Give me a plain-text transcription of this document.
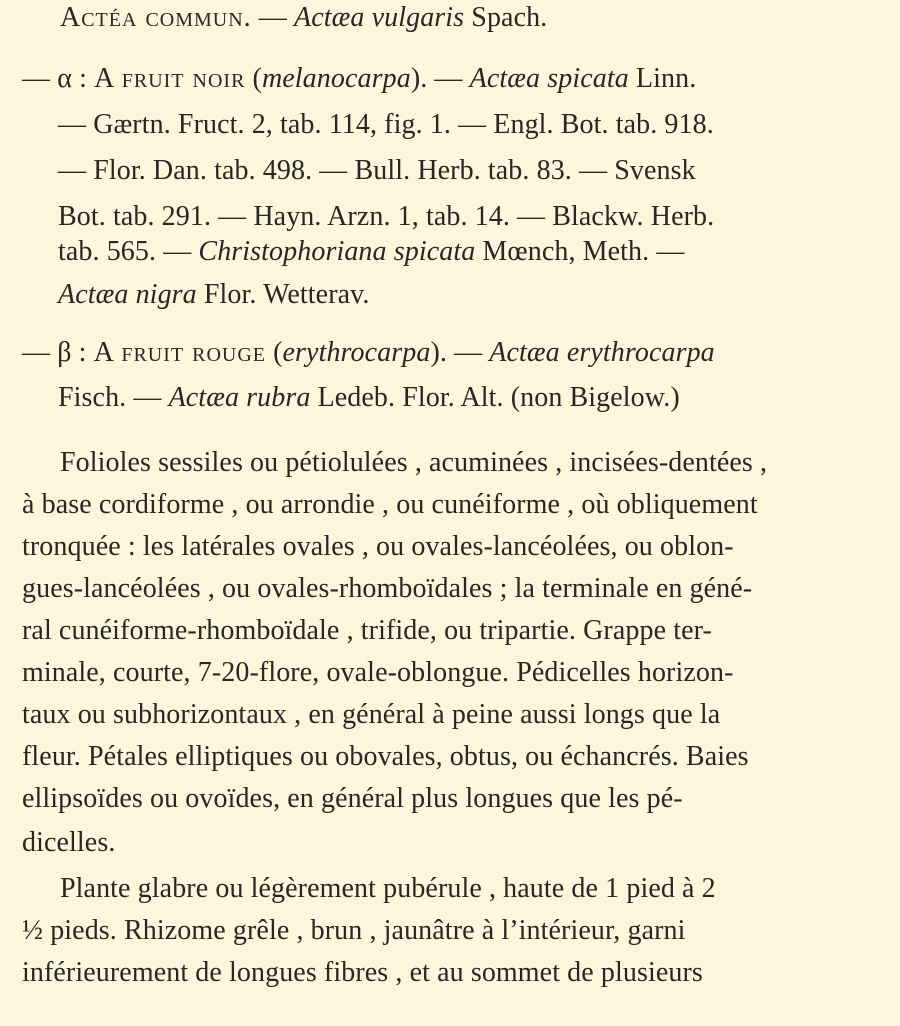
Actéa commun. — Actæa vulgaris Spach.
— α : A fruit noir (melanocarpa). — Actæa spicata Linn.
— Gærtn. Fruct. 2, tab. 114, fig. 1. — Engl. Bot. tab. 918.
— Flor. Dan. tab. 498. — Bull. Herb. tab. 83. — Svensk
Bot. tab. 291. — Hayn. Arzn. 1, tab. 14. — Blackw. Herb.
tab. 565. — Christophoriana spicata Mœnch, Meth. —
Actæa nigra Flor. Wetterav.
— β : A fruit rouge (erythrocarpa). — Actæa erythrocarpa
Fisch. — Actæa rubra Ledeb. Flor. Alt. (non Bigelow.)
Folioles sessiles ou pétiolulées , acuminées , incisées-dentées ,
à base cordiforme , ou arrondie , ou cunéiforme , où obliquement
tronquée : les latérales ovales , ou ovales-lancéolées, ou oblon-
gues-lancéolées , ou ovales-rhomboïdales ; la terminale en géné-
ral cunéiforme-rhomboïdale , trifide, ou tripartie. Grappe ter-
minale, courte, 7-20-flore, ovale-oblongue. Pédicelles horizon-
taux ou subhorizontaux , en général à peine aussi longs que la
fleur. Pétales elliptiques ou obovales, obtus, ou échancrés. Baies
ellipsoïdes ou ovoïdes, en général plus longues que les pé-
dicelles.
Plante glabre ou légèrement pubérule , haute de 1 pied à 2
½ pieds. Rhizome grêle , brun , jaunâtre à l’intérieur, garni
inférieurement de longues fibres , et au sommet de plusieurs
